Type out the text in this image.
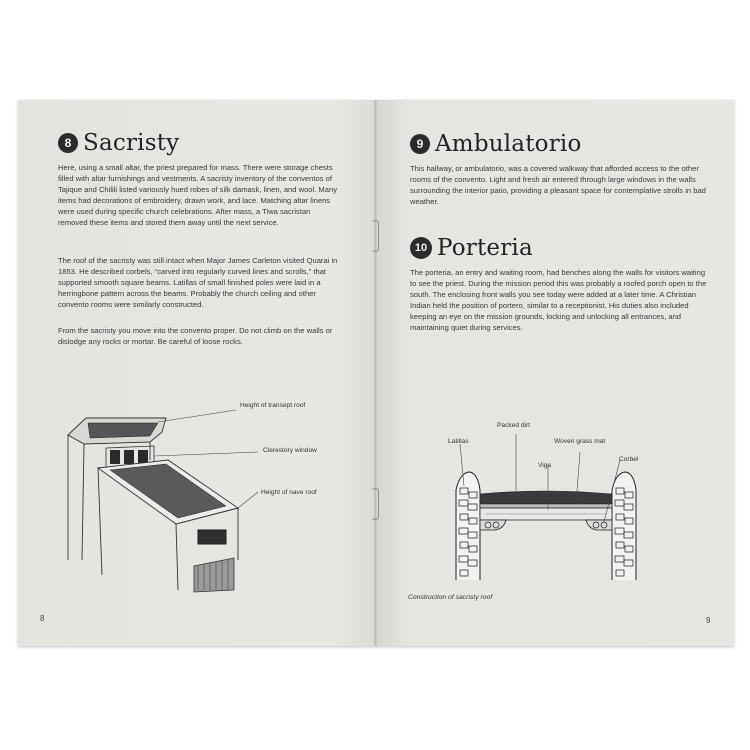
8 Sacristy

Here, using a small altar, the priest prepared for mass. There were storage chests filled with altar furnishings and vestments. A sacristy inventory of the conventos of Tajique and Chilili listed variously hued robes of silk damask, linen, and wool. Many items had decorations of embroidery, drawn work, and lace. Matching altar linens were used during specific church celebrations. After mass, a Tiwa sacristan removed these items and stored them away until the next service.

The roof of the sacristy was still intact when Major James Carleton visited Quarai in 1853. He described corbels, “carved into regularly curved lines and scrolls,” that supported smooth square beams. Latillas of small finished poles were laid in a herringbone pattern across the beams. Probably the church ceiling and other convento rooms were similarly constructed.

From the sacristy you move into the convento proper. Do not climb on the walls or dislodge any rocks or mortar. Be careful of loose rocks.

Height of transept roof
Clerestory window
Height of nave roof
8
9 Ambulatorio

This hallway, or ambulatorio, was a covered walkway that afforded access to the other rooms of the convento. Light and fresh air entered through large windows in the walls surrounding the interior patio, providing a pleasant space for contemplative strolls in bad weather.

10 Porteria

The porteria, an entry and waiting room, had benches along the walls for visitors waiting to see the priest. During the mission period this was probably a roofed porch open to the south. The enclosing front walls you see today were added at a later time. A Christian Indian held the position of portero, similar to a receptionist. His duties also included keeping an eye on the mission grounds, locking and unlocking all entrances, and maintaining quiet during services.

Packed dirt
Latillas	Woven grass mat
Viga
Corbel
Construction of sacristy roof
9
